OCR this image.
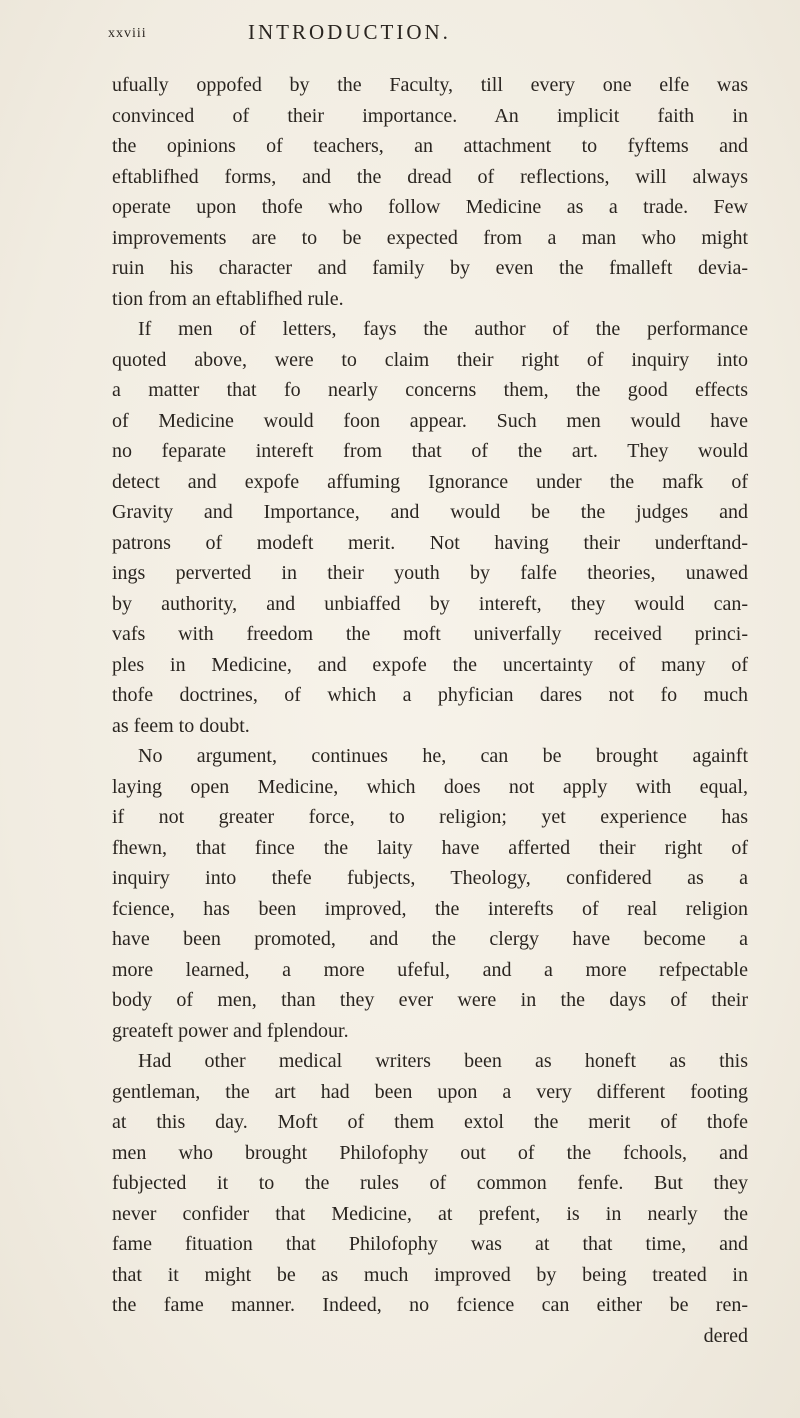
xxviii	INTRODUCTION.
ufually oppofed by the Faculty, till every one elfe was
convinced of their importance. An implicit faith in
the opinions of teachers, an attachment to fyftems and
eftablifhed forms, and the dread of reflections, will always
operate upon thofe who follow Medicine as a trade. Few
improvements are to be expected from a man who might
ruin his character and family by even the fmalleft devia-
tion from an eftablifhed rule.
If men of letters, fays the author of the performance
quoted above, were to claim their right of inquiry into
a matter that fo nearly concerns them, the good effects
of Medicine would foon appear. Such men would have
no feparate intereft from that of the art. They would
detect and expofe affuming Ignorance under the mafk of
Gravity and Importance, and would be the judges and
patrons of modeft merit. Not having their underftand-
ings perverted in their youth by falfe theories, unawed
by authority, and unbiaffed by intereft, they would can-
vafs with freedom the moft univerfally received princi-
ples in Medicine, and expofe the uncertainty of many of
thofe doctrines, of which a phyfician dares not fo much
as feem to doubt.
No argument, continues he, can be brought againft
laying open Medicine, which does not apply with equal,
if not greater force, to religion; yet experience has
fhewn, that fince the laity have afferted their right of
inquiry into thefe fubjects, Theology, confidered as a
fcience, has been improved, the interefts of real religion
have been promoted, and the clergy have become a
more learned, a more ufeful, and a more refpectable
body of men, than they ever were in the days of their
greateft power and fplendour.
Had other medical writers been as honeft as this
gentleman, the art had been upon a very different footing
at this day. Moft of them extol the merit of thofe
men who brought Philofophy out of the fchools, and
fubjected it to the rules of common fenfe. But they
never confider that Medicine, at prefent, is in nearly the
fame fituation that Philofophy was at that time, and
that it might be as much improved by being treated in
the fame manner. Indeed, no fcience can either be ren-
dered
